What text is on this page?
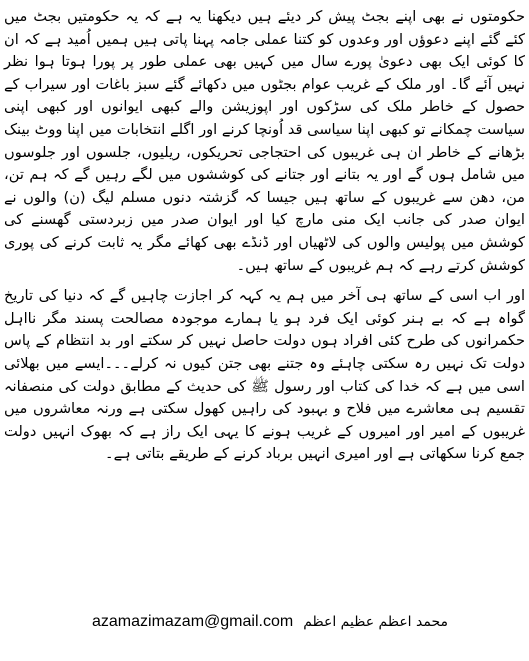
حکومتوں نے بھی اپنے بجٹ پیش کر دیئے ہیں دیکھنا یہ ہے کہ یہ حکومتیں بجٹ میں کئے گئے اپنے دعوؤں اور وعدوں کو کتنا عملی جامہ پہنا پاتی ہیں ہمیں اُمید ہے کہ ان کا کوئی ایک بھی دعویٰ پورے سال میں کہیں بھی عملی طور پر پورا ہوتا ہوا نظر نہیں آئے گا۔ اور ملک کے غریب عوام بجٹوں میں دکھائے گئے سبز باغات اور سیراب کے حصول کے خاطر ملک کی سڑکوں اور اپوزیشن والے کبھی ایوانوں اور کبھی اپنی سیاست چمکانے تو کبھی اپنا سیاسی قد اُونچا کرنے اور اگلے انتخابات میں اپنا ووٹ بینک بڑھانے کے خاطر ان ہی غریبوں کی احتجاجی تحریکوں، ریلیوں، جلسوں اور جلوسوں میں شامل ہوں گے اور یہ بتانے اور جتانے کی کوششوں میں لگے رہیں گے کہ ہم تن، من، دھن سے غریبوں کے ساتھ ہیں جیسا کہ گزشتہ دنوں مسلم لیگ (ن) والوں نے ایوان صدر کی جانب ایک منی مارچ کیا اور ایوان صدر میں زبردستی گھسنے کی کوشش میں پولیس والوں کی لاٹھیاں اور ڈنڈے بھی کھائے مگر یہ ثابت کرنے کی پوری کوشش کرتے رہے کہ ہم غریبوں کے ساتھ ہیں۔

اور اب اسی کے ساتھ ہی آخر میں ہم یہ کہہ کر اجازت چاہیں گے کہ دنیا کی تاریخ گواہ ہے کہ بے ہنر کوئی ایک فرد ہو یا ہمارے موجودہ مصالحت پسند مگر نااہل حکمرانوں کی طرح کئی افراد ہوں دولت حاصل نہیں کر سکتے اور بد انتظام کے پاس دولت تک نہیں رہ سکتی چاہئے وہ جتنے بھی جتن کیوں نہ کرلے۔۔۔ایسے میں بھلائی اسی میں ہے کہ خدا کی کتاب اور رسول ﷺ کی حدیث کے مطابق دولت کی منصفانہ تقسیم ہی معاشرے میں فلاح و بہبود کی راہیں کھول سکتی ہے ورنہ معاشروں میں غریبوں کے امیر اور امیروں کے غریب ہونے کا یہی ایک راز ہے کہ بھوک انہیں دولت جمع کرنا سکھاتی ہے اور امیری انہیں برباد کرنے کے طریقے بتاتی ہے۔

azamazimazam@gmail.com محمد اعظم عظیم اعظم
